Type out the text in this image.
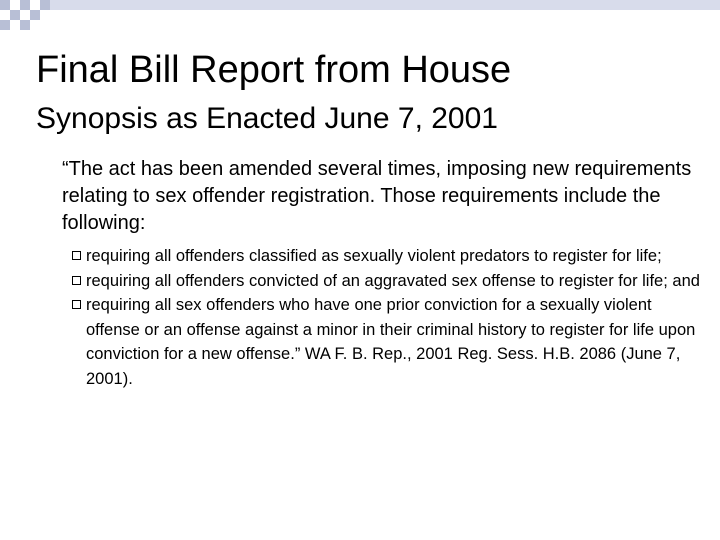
Final Bill Report from House
Synopsis as Enacted June 7, 2001
“The act has been amended several times, imposing new requirements relating to sex offender registration. Those requirements include the following:
requiring all offenders classified as sexually violent predators to register for life;
requiring all offenders convicted of an aggravated sex offense to register for life; and
requiring all sex offenders who have one prior conviction for a sexually violent offense or an offense against a minor in their criminal history to register for life upon conviction for a new offense.” WA F. B. Rep., 2001 Reg. Sess. H.B. 2086 (June 7, 2001).
